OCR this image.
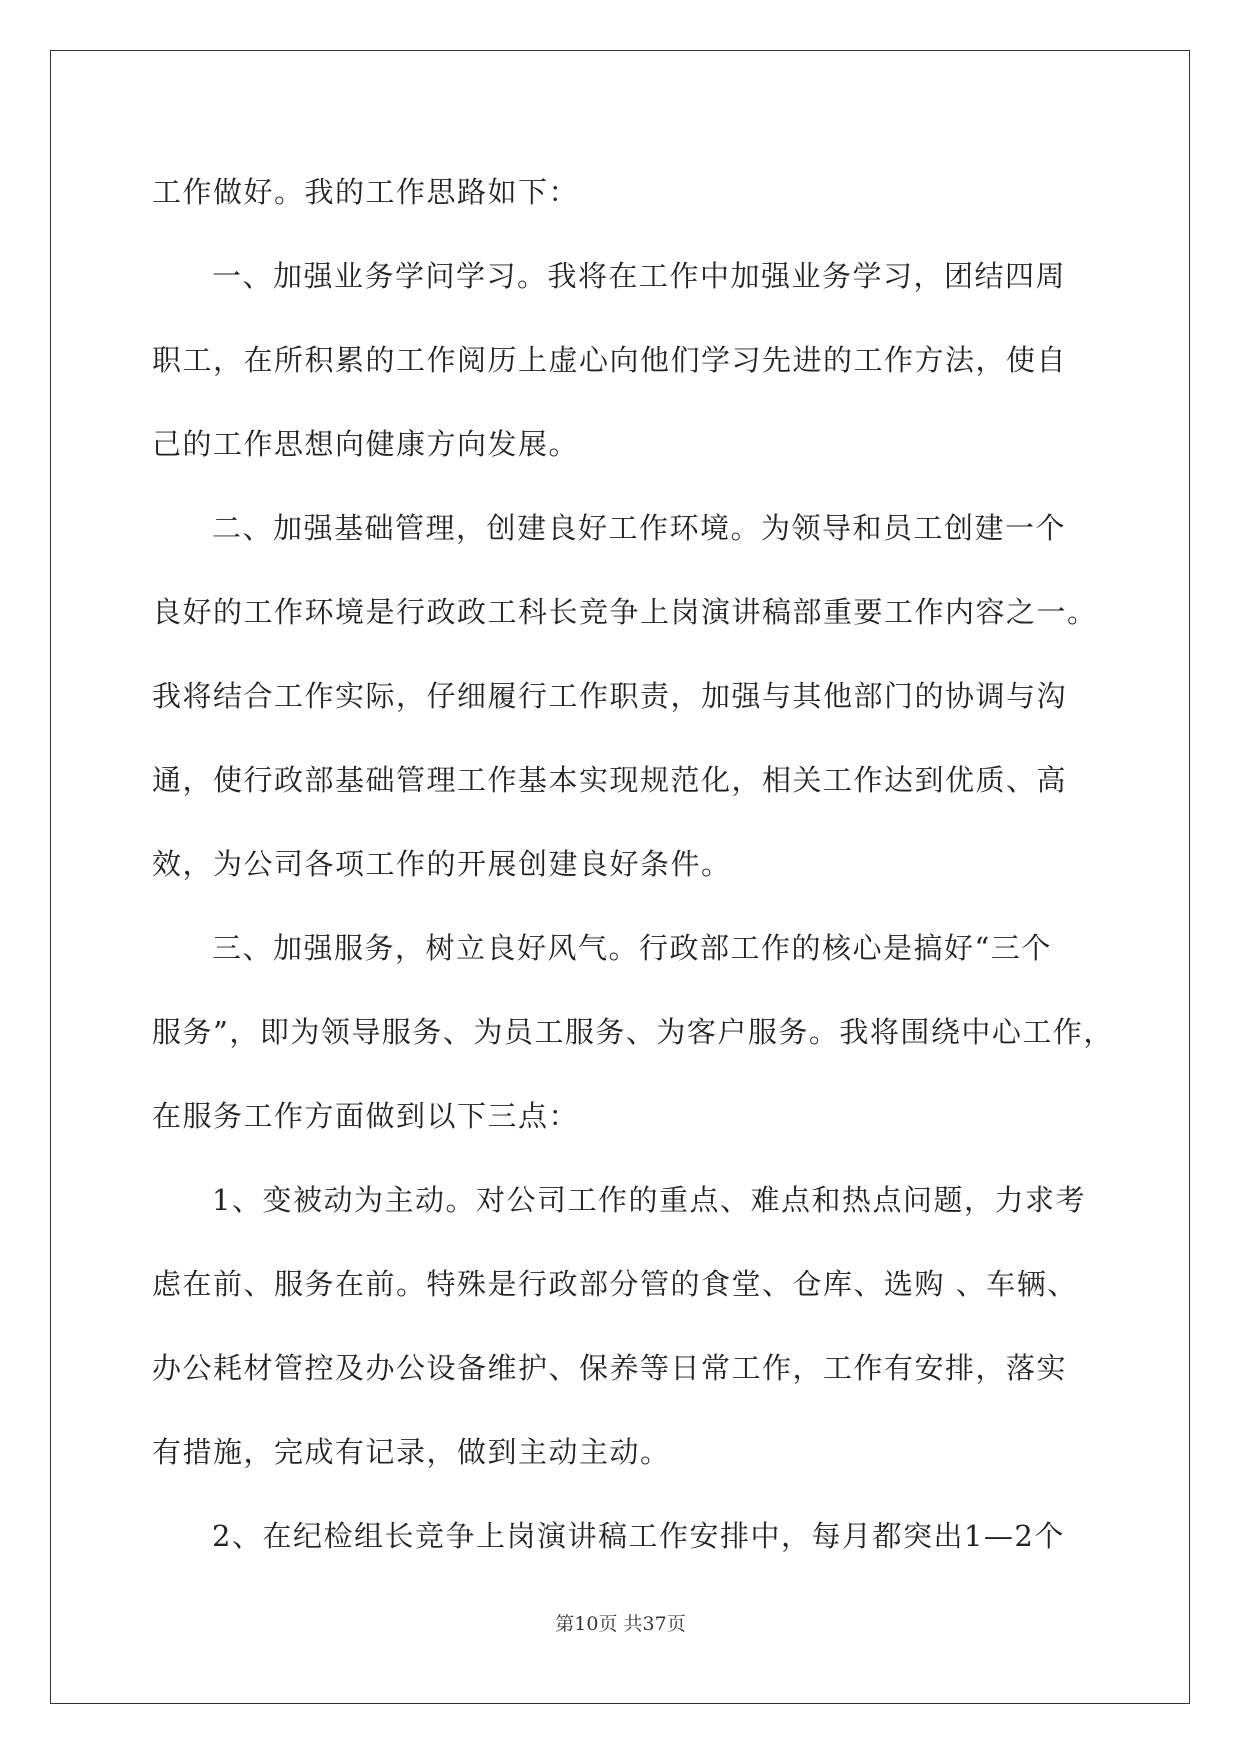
工作做好。我的工作思路如下：
一、加强业务学问学习。我将在工作中加强业务学习，团结四周
职工，在所积累的工作阅历上虚心向他们学习先进的工作方法，使自
己的工作思想向健康方向发展。
二、加强基础管理，创建良好工作环境。为领导和员工创建一个
良好的工作环境是行政政工科长竞争上岗演讲稿部重要工作内容之一。
我将结合工作实际，仔细履行工作职责，加强与其他部门的协调与沟
通，使行政部基础管理工作基本实现规范化，相关工作达到优质、高
效，为公司各项工作的开展创建良好条件。
三、加强服务，树立良好风气。行政部工作的核心是搞好“三个
服务”，即为领导服务、为员工服务、为客户服务。我将围绕中心工作，
在服务工作方面做到以下三点：
1、变被动为主动。对公司工作的重点、难点和热点问题，力求考
虑在前、服务在前。特殊是行政部分管的食堂、仓库、选购 、车辆、
办公耗材管控及办公设备维护、保养等日常工作，工作有安排，落实
有措施，完成有记录，做到主动主动。
2、在纪检组长竞争上岗演讲稿工作安排中，每月都突出1—2个
第10页 共37页
